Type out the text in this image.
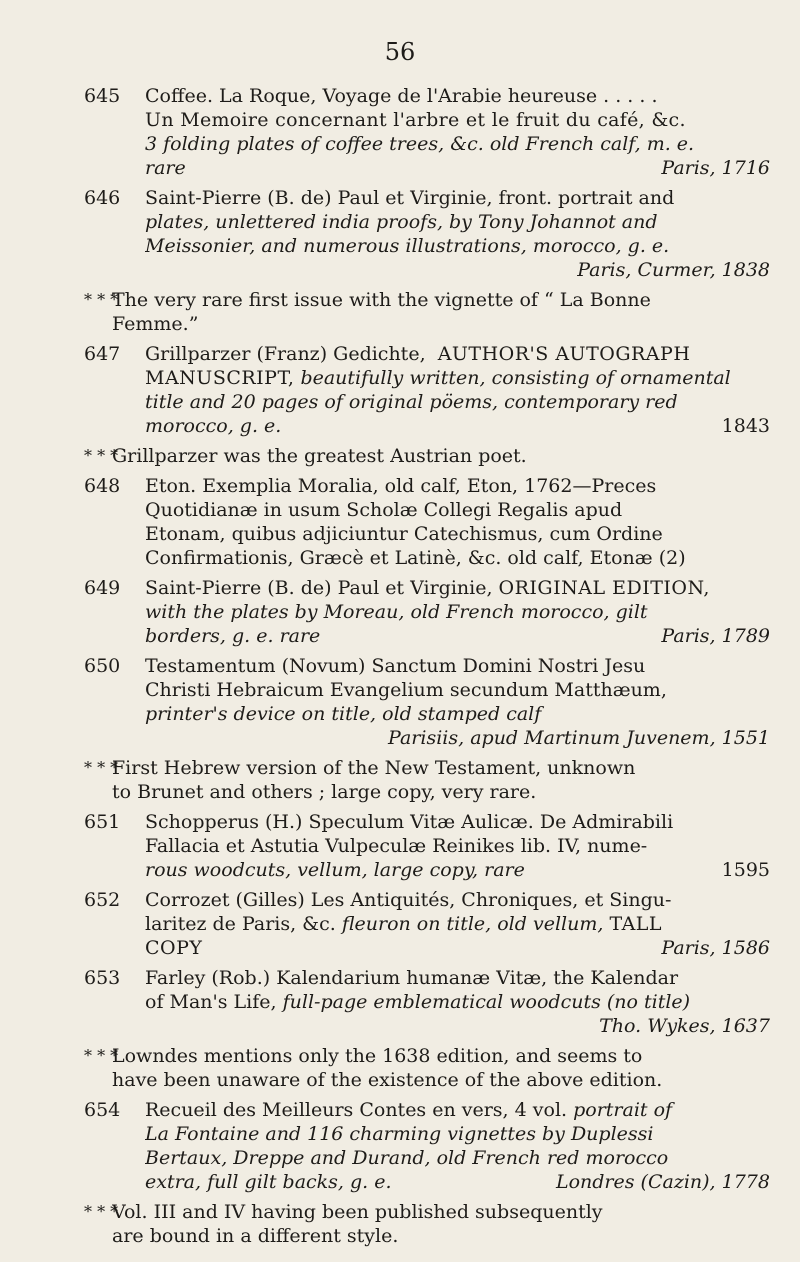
56
645 Coffee. La Roque, Voyage de l'Arabie heureuse . . . . .
Un Memoire concernant l'arbre et le fruit du café, &c.
3 folding plates of coffee trees, &c. old French calf, m. e.
rare	Paris, 1716
646 Saint-Pierre (B. de) Paul et Virginie, front. portrait and
plates, unlettered india proofs, by Tony Johannot and
Meissonier, and numerous illustrations, morocco, g. e.
Paris, Curmer, 1838
* * *
The very rare first issue with the vignette of “ La Bonne
Femme.”
647 Grillparzer (Franz) Gedichte, AUTHOR'S AUTOGRAPH
MANUSCRIPT, beautifully written, consisting of ornamental
title and 20 pages of original pöems, contemporary red
morocco, g. e.	1843
* * *
Grillparzer was the greatest Austrian poet.
648 Eton. Exemplia Moralia, old calf, Eton, 1762—Preces
Quotidianæ in usum Scholæ Collegi Regalis apud
Etonam, quibus adjiciuntur Catechismus, cum Ordine
Confirmationis, Græcè et Latinè, &c. old calf, Etonæ (2)
649 Saint-Pierre (B. de) Paul et Virginie, ORIGINAL EDITION,
with the plates by Moreau, old French morocco, gilt
borders, g. e. rare	Paris, 1789
650 Testamentum (Novum) Sanctum Domini Nostri Jesu
Christi Hebraicum Evangelium secundum Matthæum,
printer's device on title, old stamped calf
Parisiis, apud Martinum Juvenem, 1551
* * *
First Hebrew version of the New Testament, unknown
to Brunet and others ; large copy, very rare.
651 Schopperus (H.) Speculum Vitæ Aulicæ. De Admirabili
Fallacia et Astutia Vulpeculæ Reinikes lib. IV, nume-
rous woodcuts, vellum, large copy, rare	1595
652 Corrozet (Gilles) Les Antiquités, Chroniques, et Singu-
laritez de Paris, &c. fleuron on title, old vellum, TALL
COPY	Paris, 1586
653 Farley (Rob.) Kalendarium humanæ Vitæ, the Kalendar
of Man's Life, full-page emblematical woodcuts (no title)
Tho. Wykes, 1637
* * *
Lowndes mentions only the 1638 edition, and seems to
have been unaware of the existence of the above edition.
654 Recueil des Meilleurs Contes en vers, 4 vol. portrait of
La Fontaine and 116 charming vignettes by Duplessi
Bertaux, Dreppe and Durand, old French red morocco
extra, full gilt backs, g. e.	Londres (Cazin), 1778
* * *
Vol. III and IV having been published subsequently
are bound in a different style.
